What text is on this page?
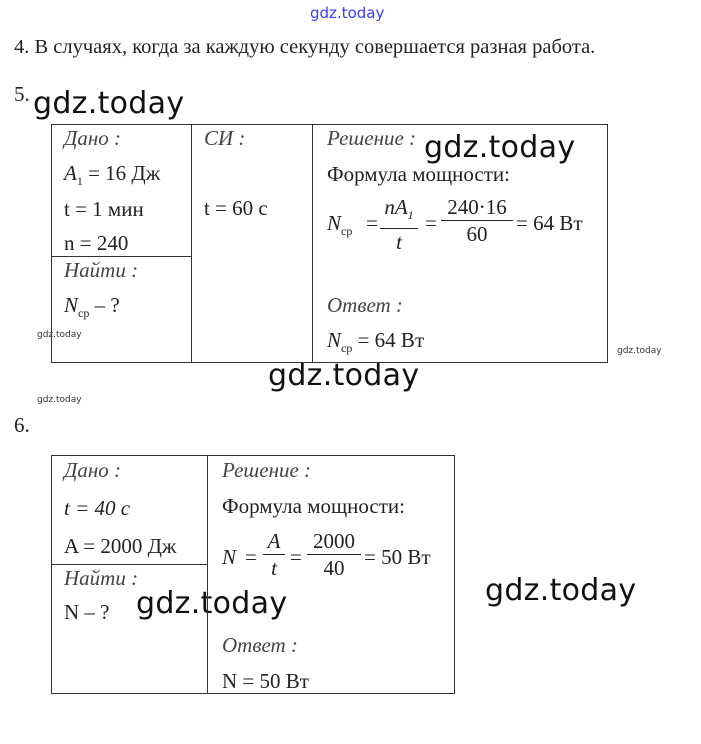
gdz.today
gdz.today
gdz.today
gdz.today
gdz.today
gdz.today
gdz.today
gdz.today
gdz.today
4. В случаях, когда за каждую секунду совершается разная работа.
5.
Дано :
$A_1 = 16$ Дж
t = 1 мин
n = 240
Найти :
$N_{ср}$ – ?
СИ :
t = 60 с
Решение :
Формула мощности:
$N_{ср} = \frac{nA_1}{t} = \frac{240\cdot 16}{60} = 64$ Вт
Ответ :
$N_{ср} = 64$ Вт
6.
Дано :
t = 40 с
A = 2000 Дж
Найти :
N – ?
Решение :
Формула мощности:
$N = \frac{A}{t} = \frac{2000}{40} = 50$ Вт
Ответ :
N = 50 Вт
